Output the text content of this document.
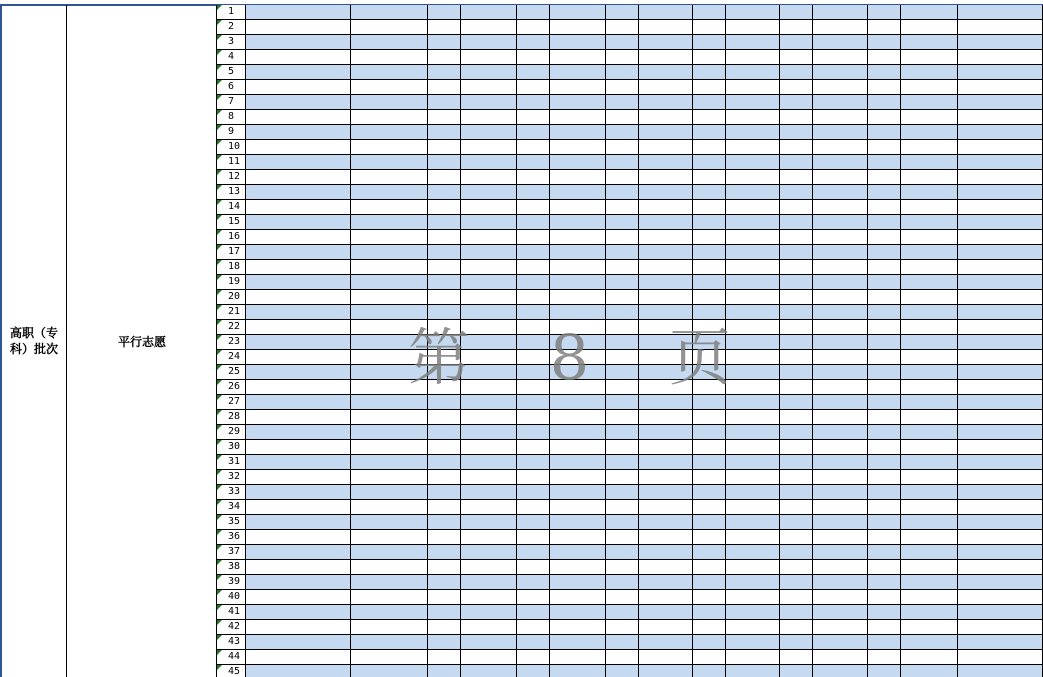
高职（专科）批次
平行志愿
1
2
3
4
5
6
7
8
9
10
11
12
13
14
15
16
17
18
19
20
21
22
23
24
25
26
27
28
29
30
31
32
33
34
35
36
37
38
39
40
41
42
43
44
45
第 8 页
